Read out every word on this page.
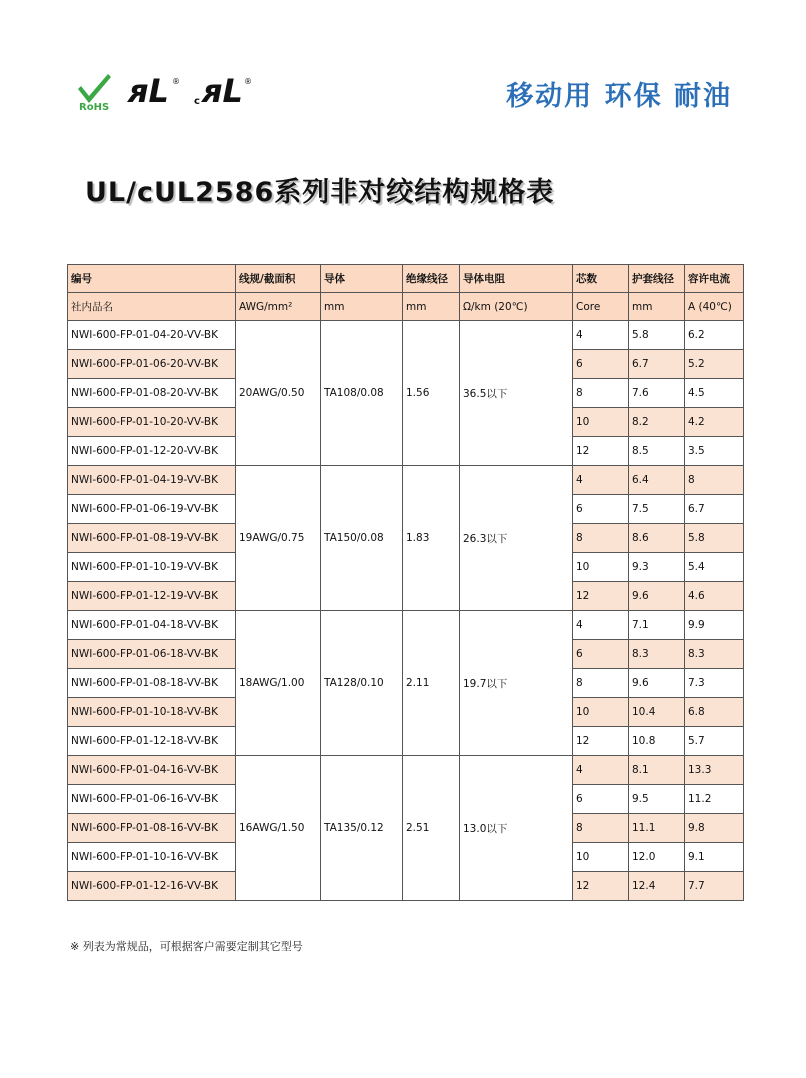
RoHS ᴙL ®
c ᴙL ®	移动用 环保 耐油
UL/cUL2586系列非对绞结构规格表
编号	线规/截面积	导体	绝缘线径	导体电阻	芯数	护套线径	容许电流
社内品名	AWG/mm²	mm	mm	Ω/km (20℃)	Core	mm	A (40℃)
NWI-600-FP-01-04-20-VV-BK	20AWG/0.50	TA108/0.08	1.56	36.5以下	4	5.8	6.2
NWI-600-FP-01-06-20-VV-BK					6	6.7	5.2
NWI-600-FP-01-08-20-VV-BK					8	7.6	4.5
NWI-600-FP-01-10-20-VV-BK					10	8.2	4.2
NWI-600-FP-01-12-20-VV-BK					12	8.5	3.5
NWI-600-FP-01-04-19-VV-BK	19AWG/0.75	TA150/0.08	1.83	26.3以下	4	6.4	8
NWI-600-FP-01-06-19-VV-BK					6	7.5	6.7
NWI-600-FP-01-08-19-VV-BK					8	8.6	5.8
NWI-600-FP-01-10-19-VV-BK					10	9.3	5.4
NWI-600-FP-01-12-19-VV-BK					12	9.6	4.6
NWI-600-FP-01-04-18-VV-BK	18AWG/1.00	TA128/0.10	2.11	19.7以下	4	7.1	9.9
NWI-600-FP-01-06-18-VV-BK					6	8.3	8.3
NWI-600-FP-01-08-18-VV-BK					8	9.6	7.3
NWI-600-FP-01-10-18-VV-BK					10	10.4	6.8
NWI-600-FP-01-12-18-VV-BK					12	10.8	5.7
NWI-600-FP-01-04-16-VV-BK	16AWG/1.50	TA135/0.12	2.51	13.0以下	4	8.1	13.3
NWI-600-FP-01-06-16-VV-BK					6	9.5	11.2
NWI-600-FP-01-08-16-VV-BK					8	11.1	9.8
NWI-600-FP-01-10-16-VV-BK					10	12.0	9.1
NWI-600-FP-01-12-16-VV-BK					12	12.4	7.7
※ 列表为常规品，可根据客户需要定制其它型号
